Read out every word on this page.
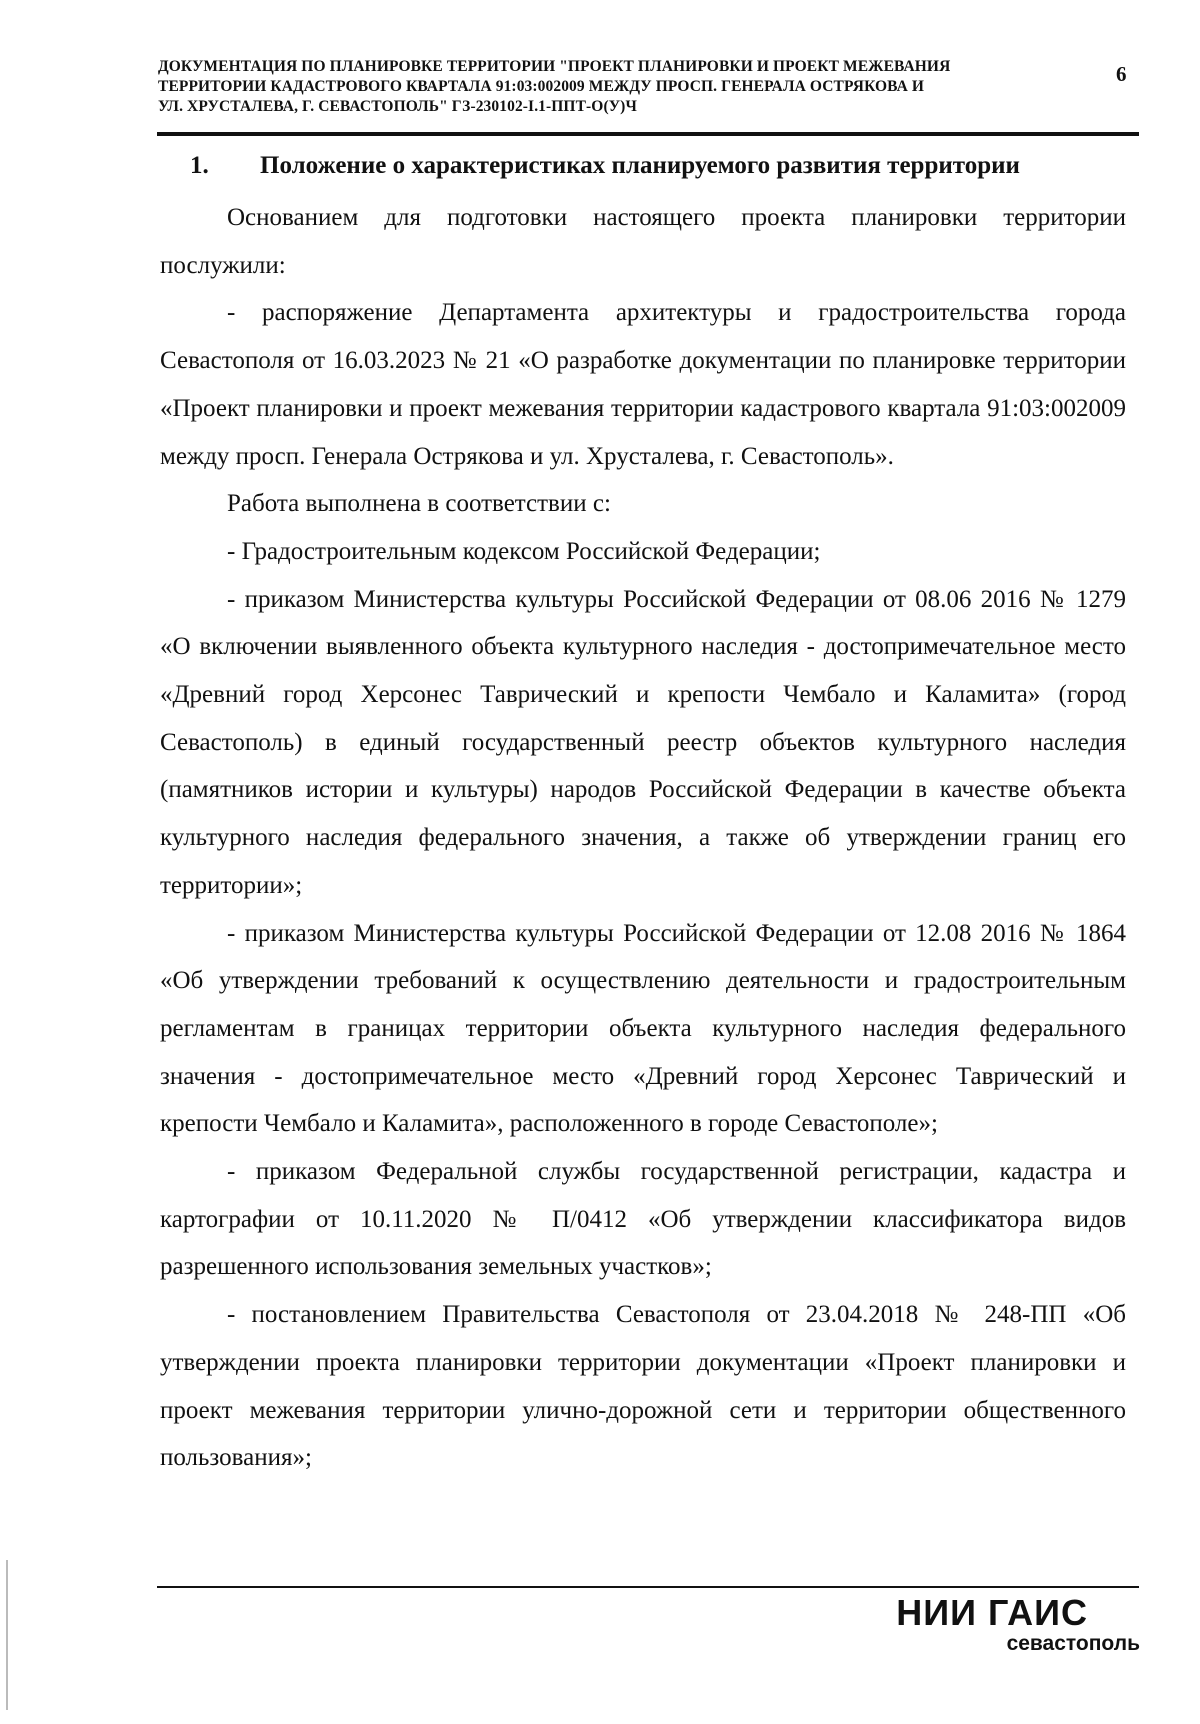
ДОКУМЕНТАЦИЯ ПО ПЛАНИРОВКЕ ТЕРРИТОРИИ "ПРОЕКТ ПЛАНИРОВКИ И ПРОЕКТ МЕЖЕВАНИЯ
ТЕРРИТОРИИ КАДАСТРОВОГО КВАРТАЛА 91:03:002009 МЕЖДУ ПРОСП. ГЕНЕРАЛА ОСТРЯКОВА И
УЛ. ХРУСТАЛЕВА, Г. СЕВАСТОПОЛЬ" ГЗ-230102-I.1-ППТ-О(У)Ч
6
1. Положение о характеристиках планируемого развития территории

Основанием для подготовки настоящего проекта планировки территории послужили:

- распоряжение Департамента архитектуры и градостроительства города Севастополя от 16.03.2023 № 21 «О разработке документации по планировке территории «Проект планировки и проект межевания территории кадастрового квартала 91:03:002009 между просп. Генерала Острякова и ул. Хрусталева, г. Севастополь».

Работа выполнена в соответствии с:

- Градостроительным кодексом Российской Федерации;

- приказом Министерства культуры Российской Федерации от 08.06 2016 № 1279 «О включении выявленного объекта культурного наследия - достопримечательное место «Древний город Херсонес Таврический и крепости Чембало и Каламита» (город Севастополь) в единый государственный реестр объектов культурного наследия (памятников истории и культуры) народов Российской Федерации в качестве объекта культурного наследия федерального значения, а также об утверждении границ его территории»;

- приказом Министерства культуры Российской Федерации от 12.08 2016 № 1864 «Об утверждении требований к осуществлению деятельности и градостроительным регламентам в границах территории объекта культурного наследия федерального значения - достопримечательное место «Древний город Херсонес Таврический и крепости Чембало и Каламита», расположенного в городе Севастополе»;

- приказом Федеральной службы государственной регистрации, кадастра и картографии от 10.11.2020 № П/0412 «Об утверждении классификатора видов разрешенного использования земельных участков»;

- постановлением Правительства Севастополя от 23.04.2018 № 248-ПП «Об утверждении проекта планировки территории документации «Проект планировки и проект межевания территории улично-дорожной сети и территории общественного пользования»;

НИИ ГАИС
севастополь
